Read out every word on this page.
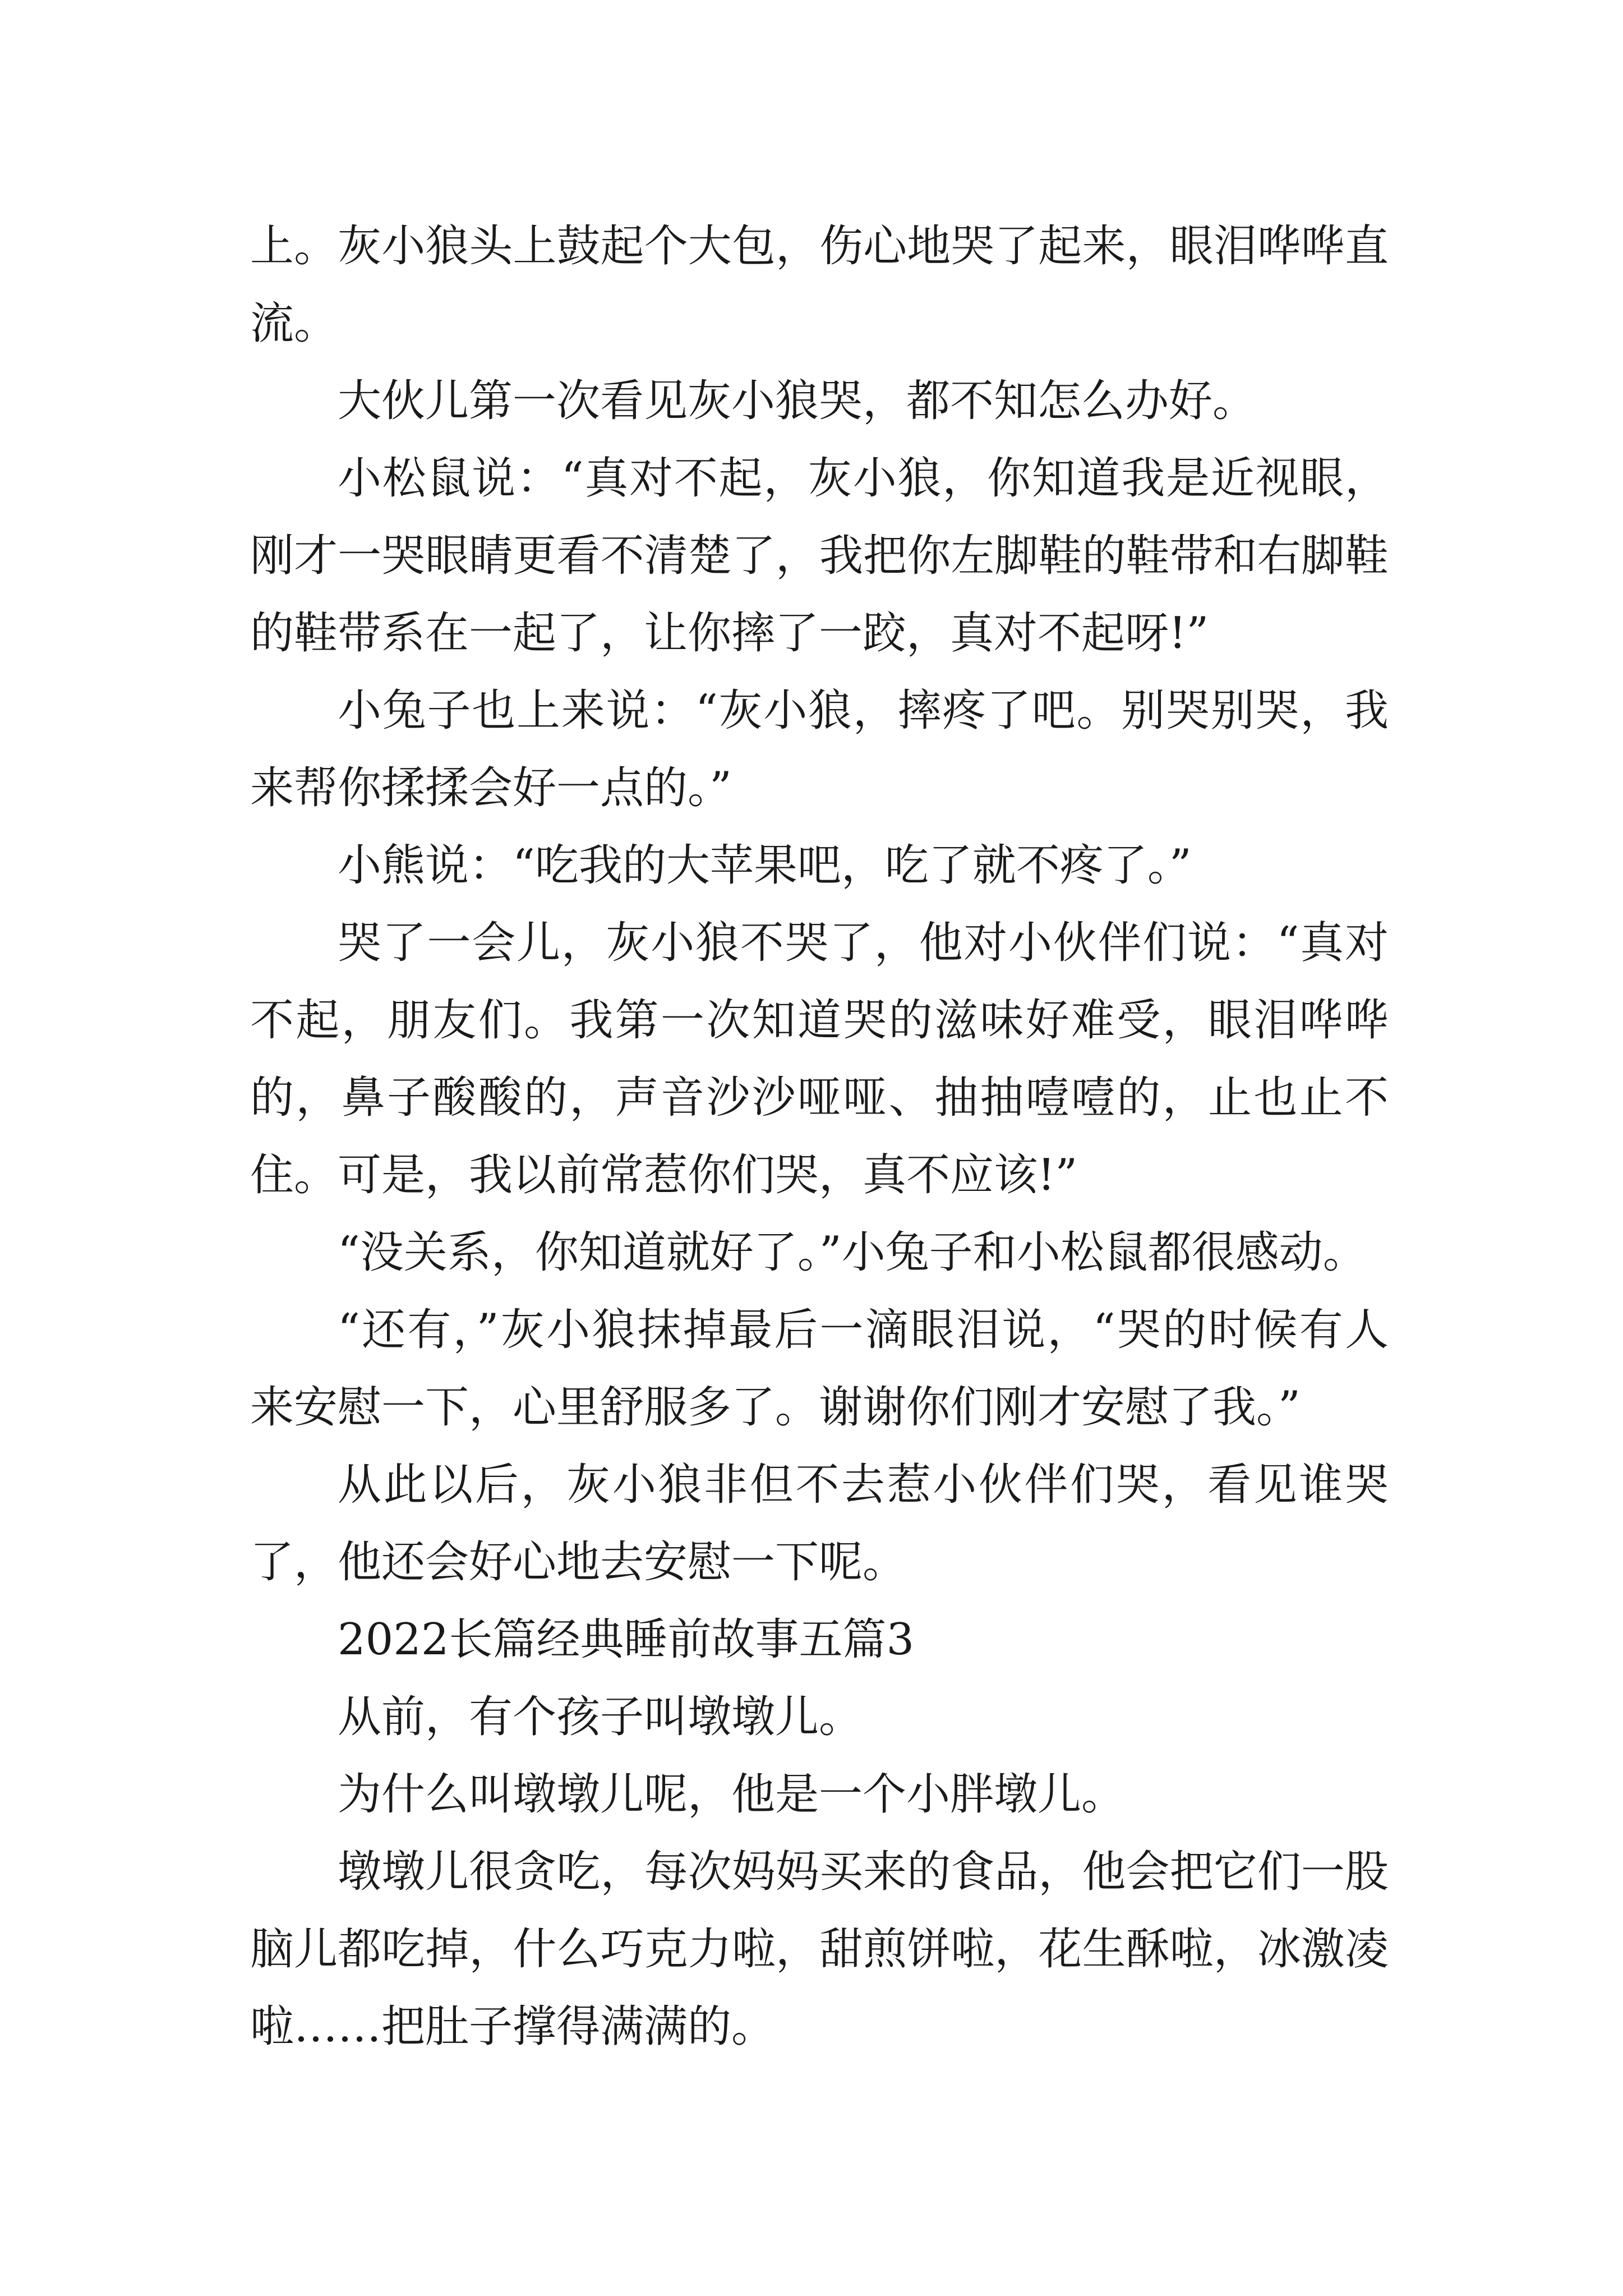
上。灰小狼头上鼓起个大包，伤心地哭了起来，眼泪哗哗直流。

大伙儿第一次看见灰小狼哭，都不知怎么办好。

小松鼠说：“真对不起，灰小狼，你知道我是近视眼，刚才一哭眼睛更看不清楚了，我把你左脚鞋的鞋带和右脚鞋的鞋带系在一起了，让你摔了一跤，真对不起呀!”

小兔子也上来说：“灰小狼，摔疼了吧。别哭别哭，我来帮你揉揉会好一点的。”

小熊说：“吃我的大苹果吧，吃了就不疼了。”

哭了一会儿，灰小狼不哭了，他对小伙伴们说：“真对不起，朋友们。我第一次知道哭的滋味好难受，眼泪哗哗的，鼻子酸酸的，声音沙沙哑哑、抽抽噎噎的，止也止不住。可是，我以前常惹你们哭，真不应该!”

“没关系，你知道就好了。”小兔子和小松鼠都很感动。

“还有，”灰小狼抹掉最后一滴眼泪说，“哭的时候有人来安慰一下，心里舒服多了。谢谢你们刚才安慰了我。”

从此以后，灰小狼非但不去惹小伙伴们哭，看见谁哭了，他还会好心地去安慰一下呢。

2022长篇经典睡前故事五篇3

从前，有个孩子叫墩墩儿。

为什么叫墩墩儿呢，他是一个小胖墩儿。

墩墩儿很贪吃，每次妈妈买来的食品，他会把它们一股脑儿都吃掉，什么巧克力啦，甜煎饼啦，花生酥啦，冰激凌啦……把肚子撑得满满的。
